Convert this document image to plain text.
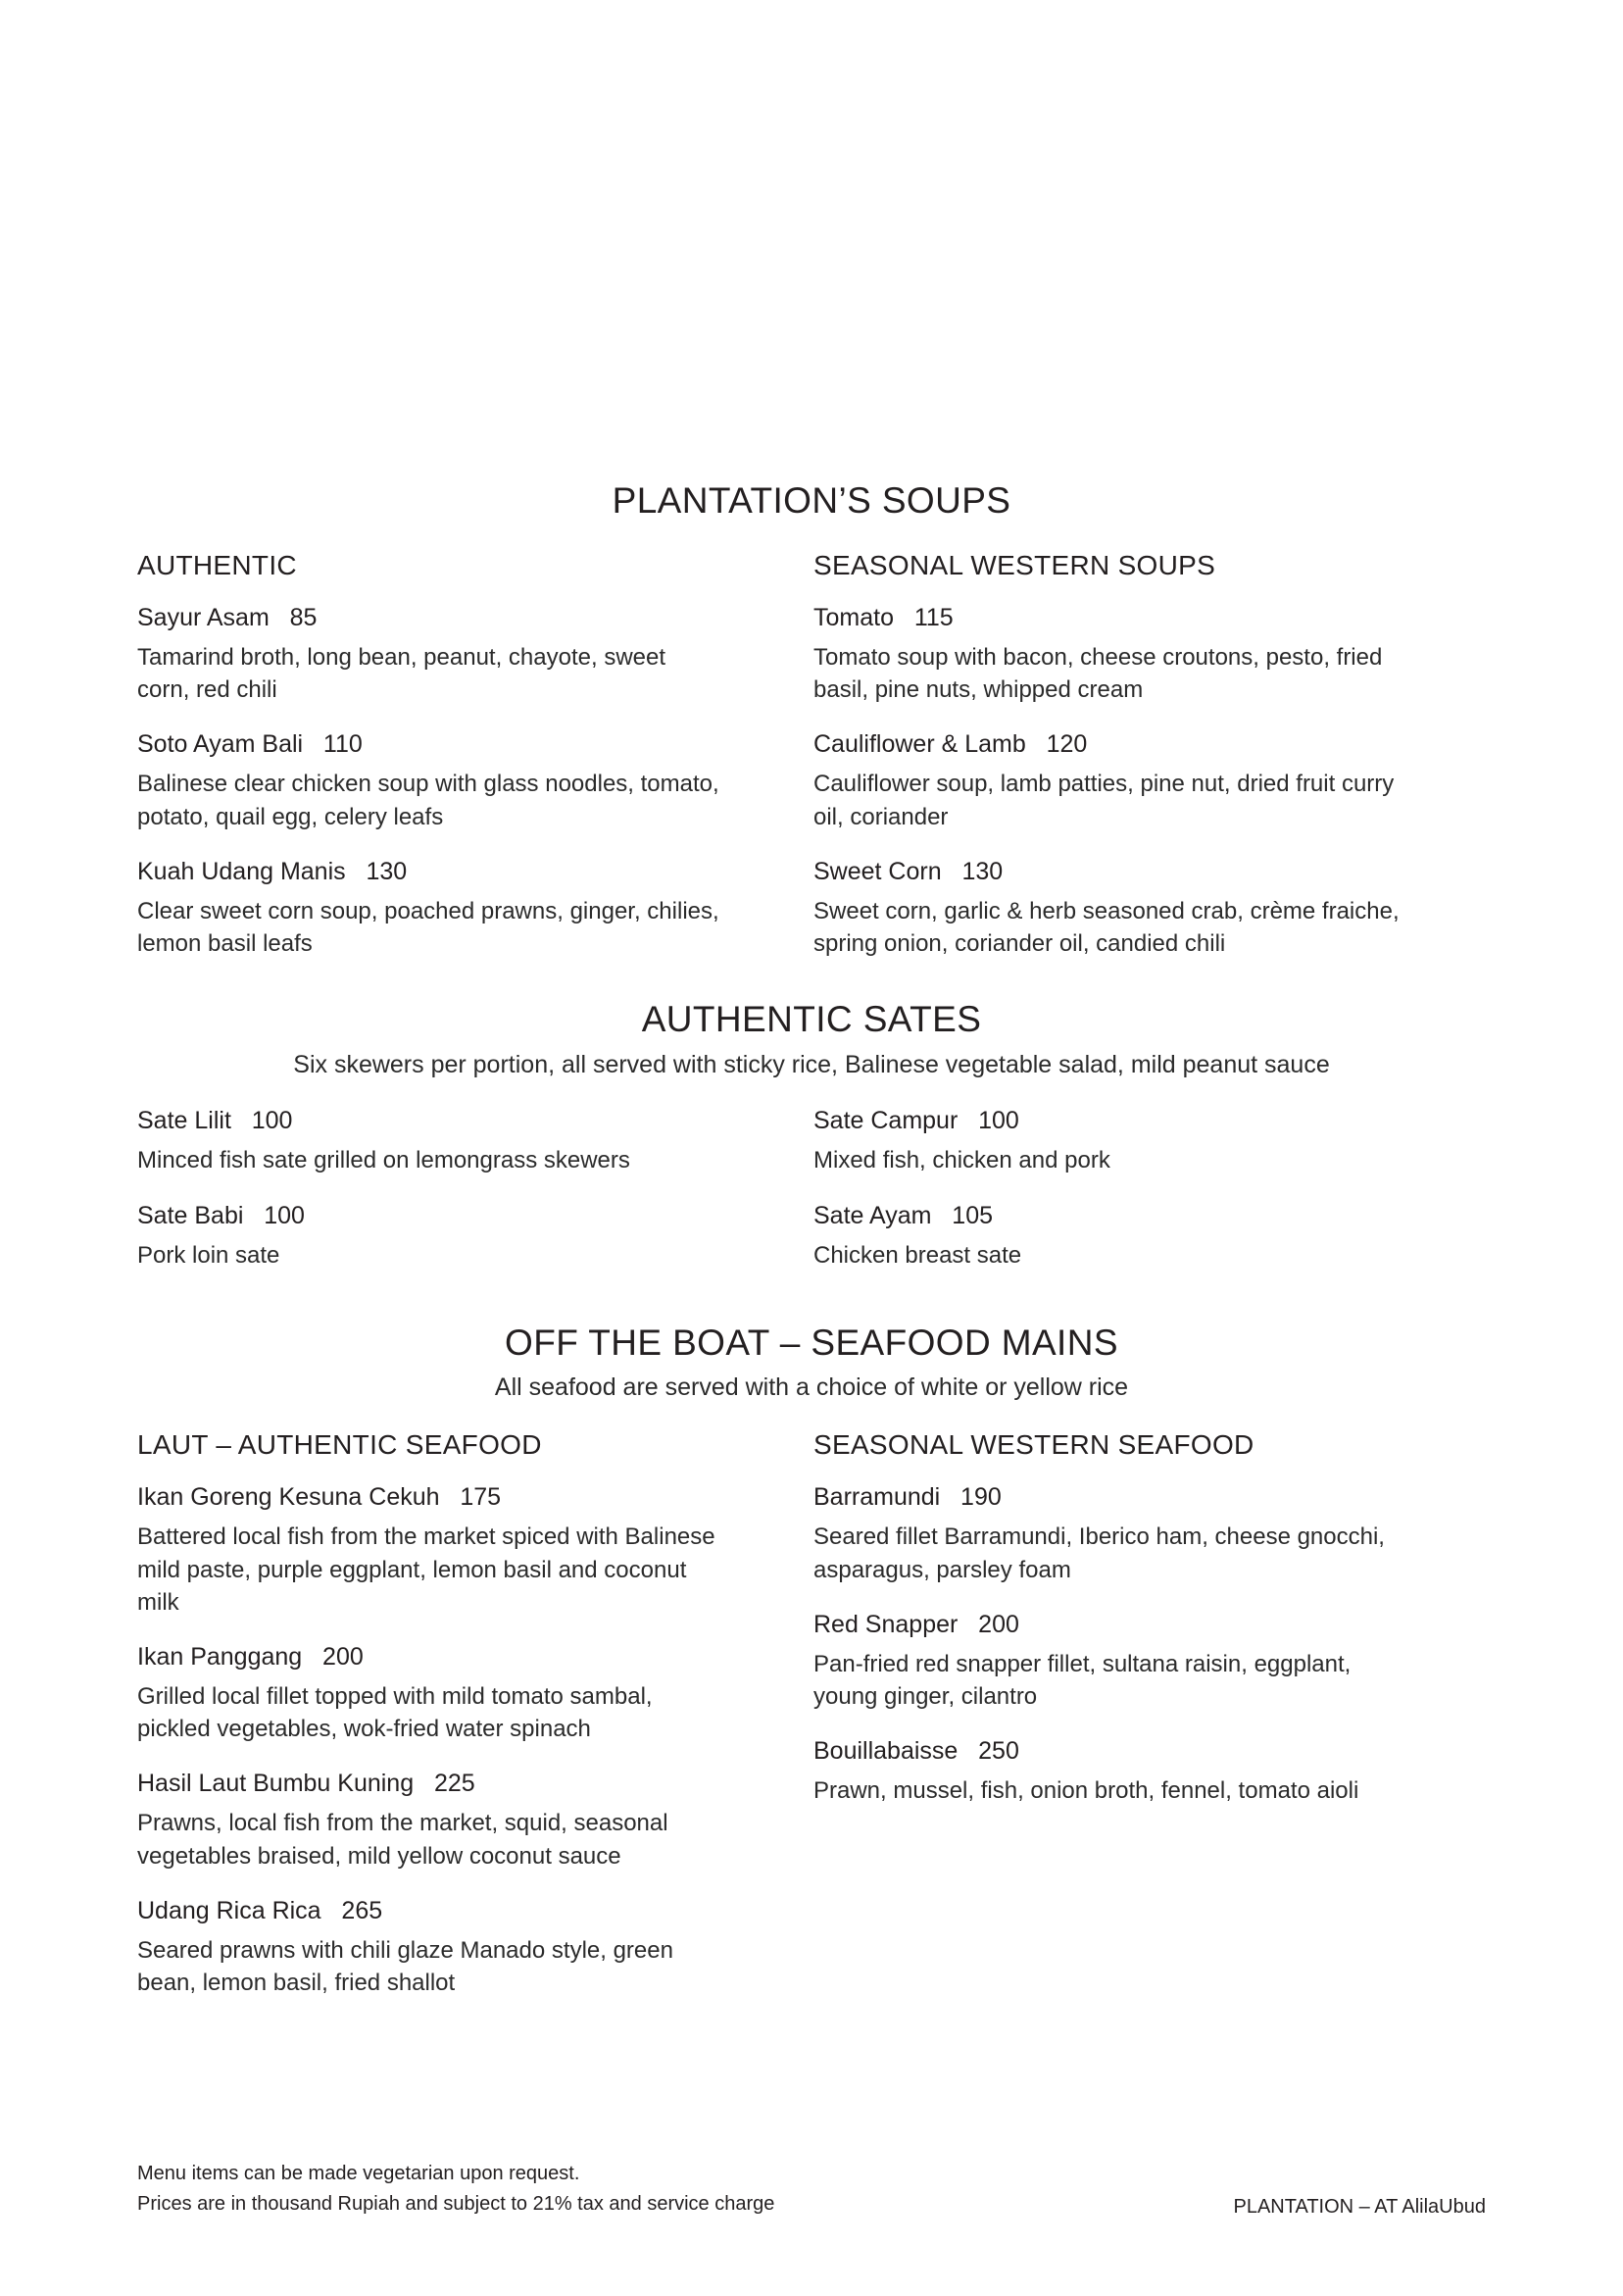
PLANTATION’S SOUPS
AUTHENTIC
Sayur Asam   85
Tamarind broth, long bean, peanut, chayote, sweet corn, red chili
Soto Ayam Bali   110
Balinese clear chicken soup with glass noodles, tomato, potato, quail egg, celery leafs
Kuah Udang Manis   130
Clear sweet corn soup, poached prawns, ginger, chilies, lemon basil leafs
SEASONAL WESTERN SOUPS
Tomato   115
Tomato soup with bacon, cheese croutons, pesto, fried basil, pine nuts, whipped cream
Cauliflower & Lamb   120
Cauliflower soup, lamb patties, pine nut, dried fruit curry oil, coriander
Sweet Corn   130
Sweet corn, garlic & herb seasoned crab, crème fraiche, spring onion, coriander oil, candied chili
AUTHENTIC SATES

Six skewers per portion, all served with sticky rice, Balinese vegetable salad, mild peanut sauce

Sate Lilit   100
Minced fish sate grilled on lemongrass skewers
Sate Babi   100
Pork loin sate
Sate Campur   100
Mixed fish, chicken and pork
Sate Ayam   105
Chicken breast sate
OFF THE BOAT – SEAFOOD MAINS

All seafood are served with a choice of white or yellow rice

LAUT – AUTHENTIC SEAFOOD
Ikan Goreng Kesuna Cekuh   175
Battered local fish from the market spiced with Balinese mild paste, purple eggplant, lemon basil and coconut milk
Ikan Panggang   200
Grilled local fillet topped with mild tomato sambal, pickled vegetables, wok-fried water spinach
Hasil Laut Bumbu Kuning   225
Prawns, local fish from the market, squid, seasonal vegetables braised, mild yellow coconut sauce
Udang Rica Rica   265
Seared prawns with chili glaze Manado style, green bean, lemon basil, fried shallot
SEASONAL WESTERN SEAFOOD
Barramundi   190
Seared fillet Barramundi, Iberico ham, cheese gnocchi, asparagus, parsley foam
Red Snapper   200
Pan-fried red snapper fillet, sultana raisin, eggplant, young ginger, cilantro
Bouillabaisse   250
Prawn, mussel, fish, onion broth, fennel, tomato aioli
Menu items can be made vegetarian upon request.
Prices are in thousand Rupiah and subject to 21% tax and service charge	PLANTATION – AT AlilaUbud
